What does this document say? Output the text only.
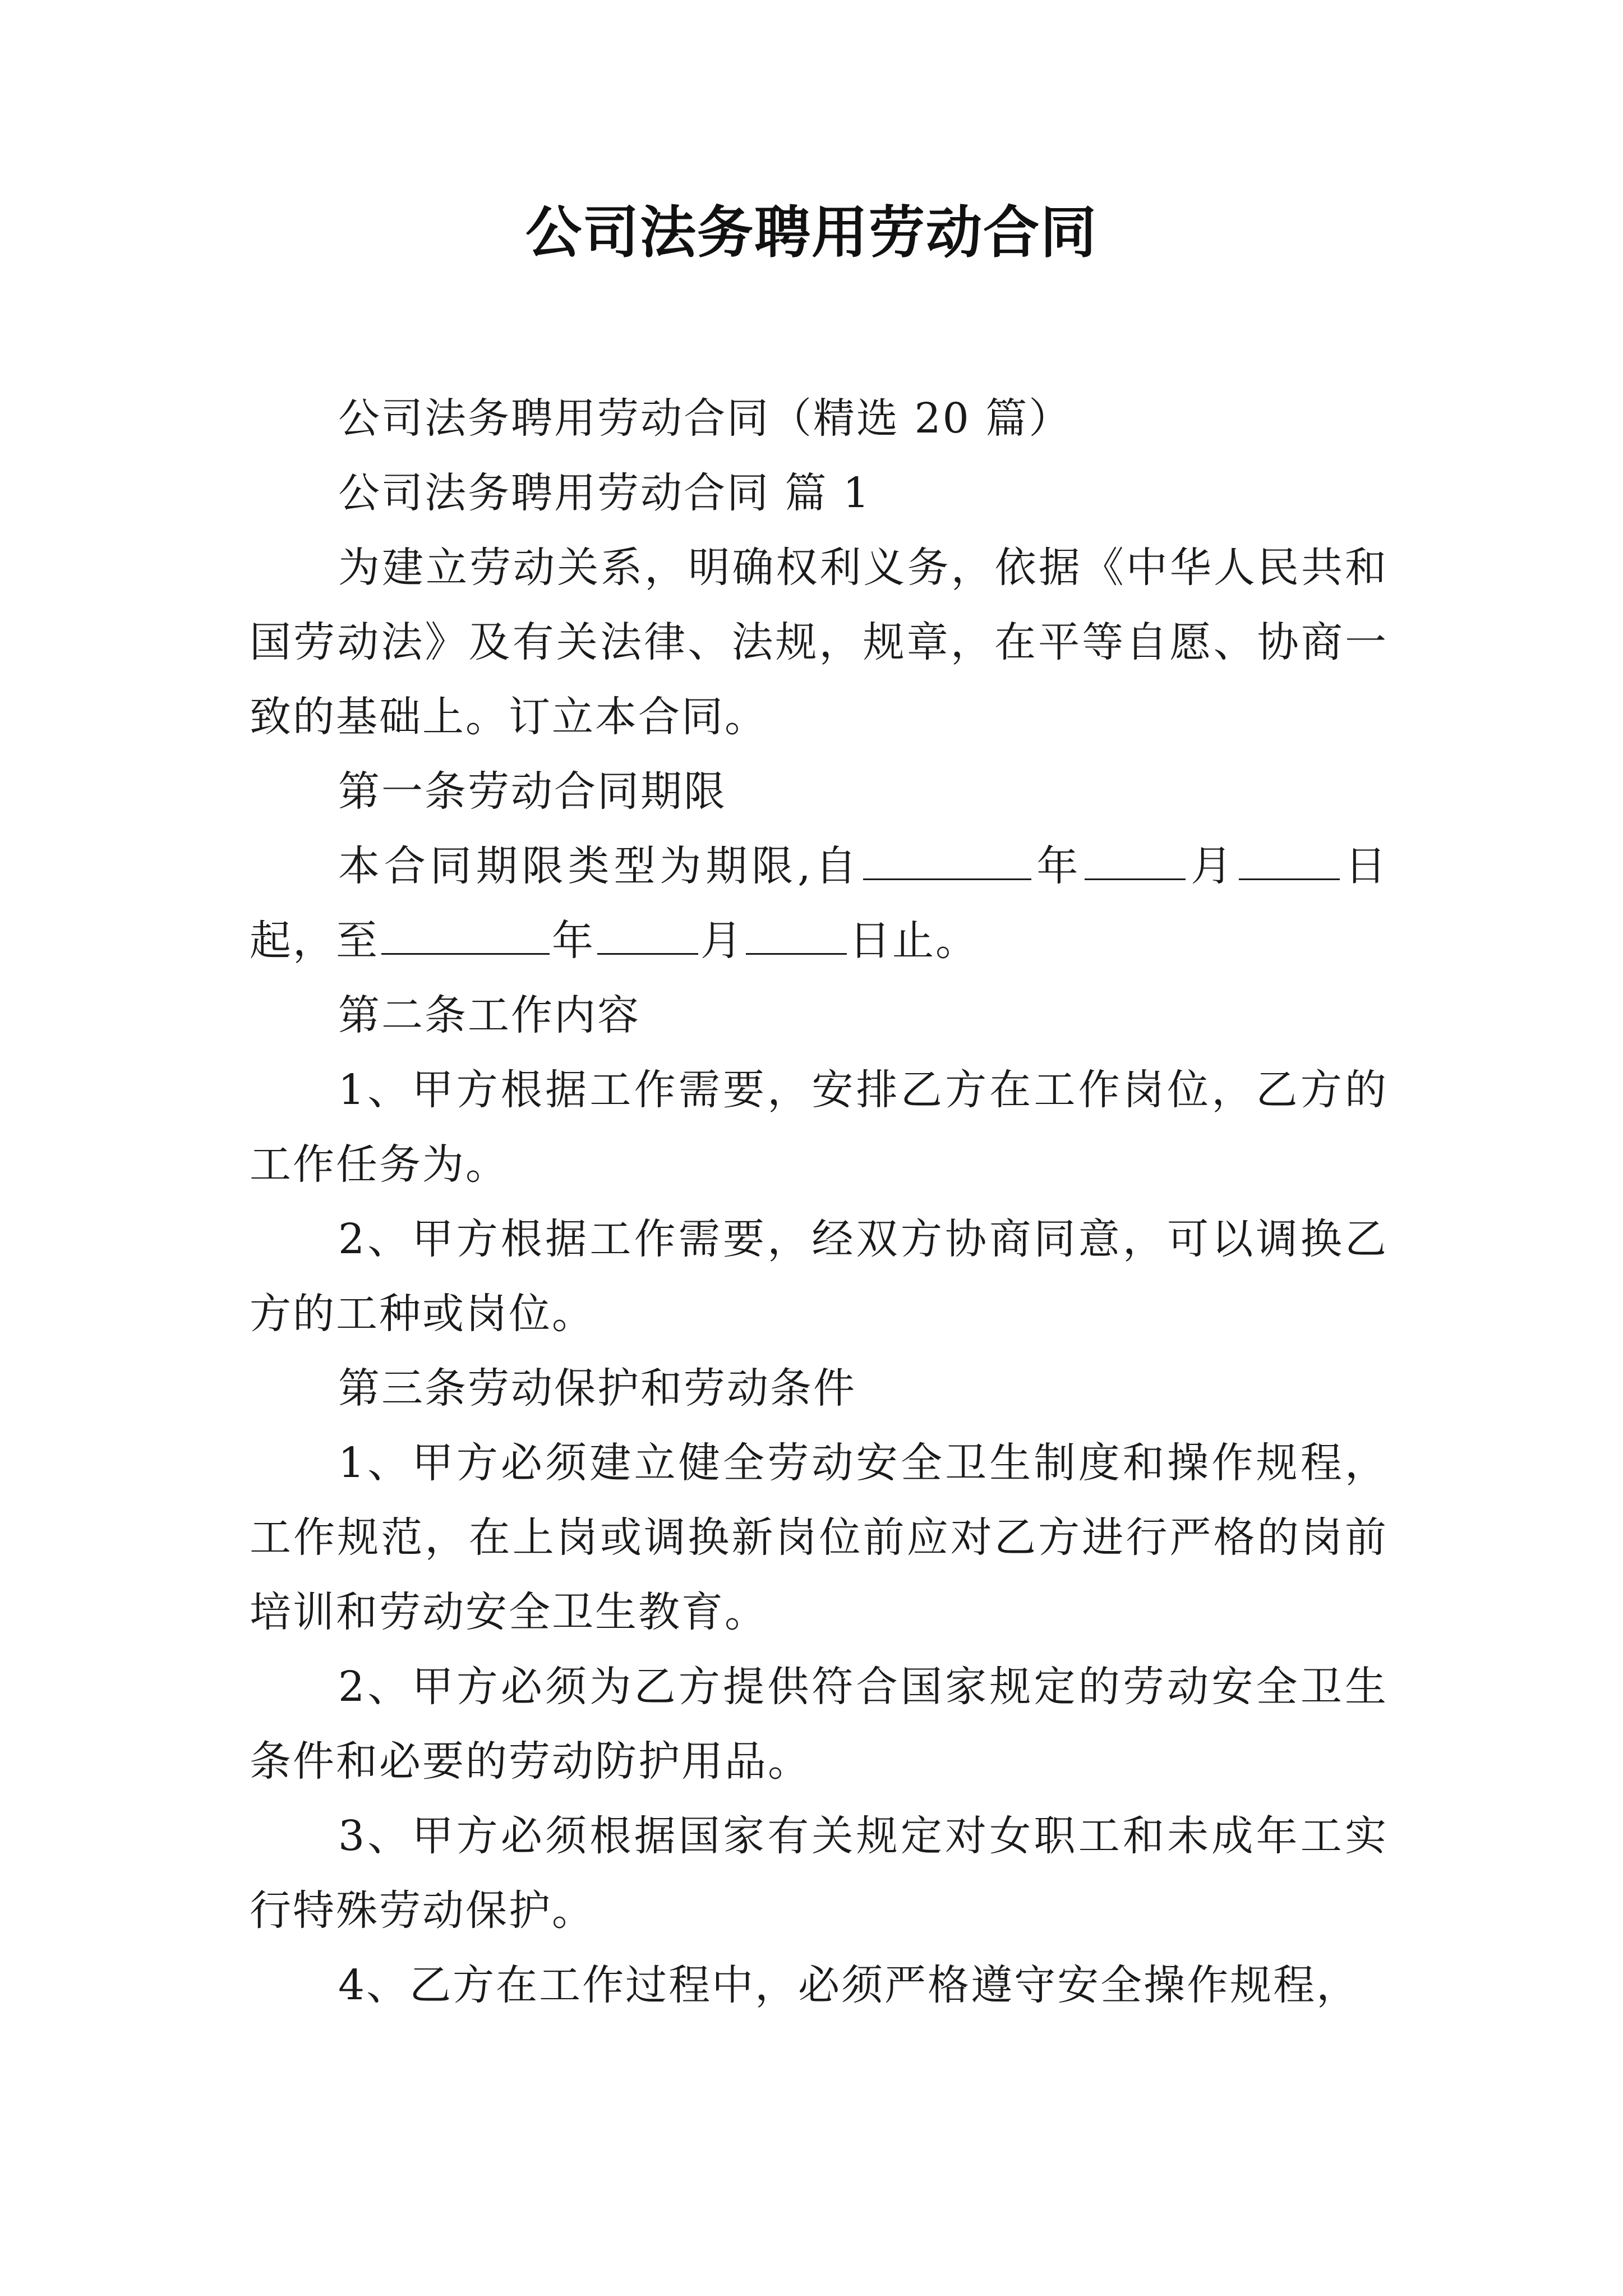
公司法务聘用劳动合同

公司法务聘用劳动合同（精选 20 篇）

公司法务聘用劳动合同 篇 1

为建立劳动关系，明确权利义务，依据《中华人民共和国劳动法》及有关法律、法规，规章，在平等自愿、协商一致的基础上。订立本合同。

第一条劳动合同期限

本合同期限类型为期限,自	年	月	日起，至	年	月	日止。

第二条工作内容

1、甲方根据工作需要，安排乙方在工作岗位，乙方的工作任务为。

2、甲方根据工作需要，经双方协商同意，可以调换乙方的工种或岗位。

第三条劳动保护和劳动条件

1、甲方必须建立健全劳动安全卫生制度和操作规程，工作规范，在上岗或调换新岗位前应对乙方进行严格的岗前培训和劳动安全卫生教育。

2、甲方必须为乙方提供符合国家规定的劳动安全卫生条件和必要的劳动防护用品。

3、甲方必须根据国家有关规定对女职工和未成年工实行特殊劳动保护。

4、乙方在工作过程中，必须严格遵守安全操作规程，
